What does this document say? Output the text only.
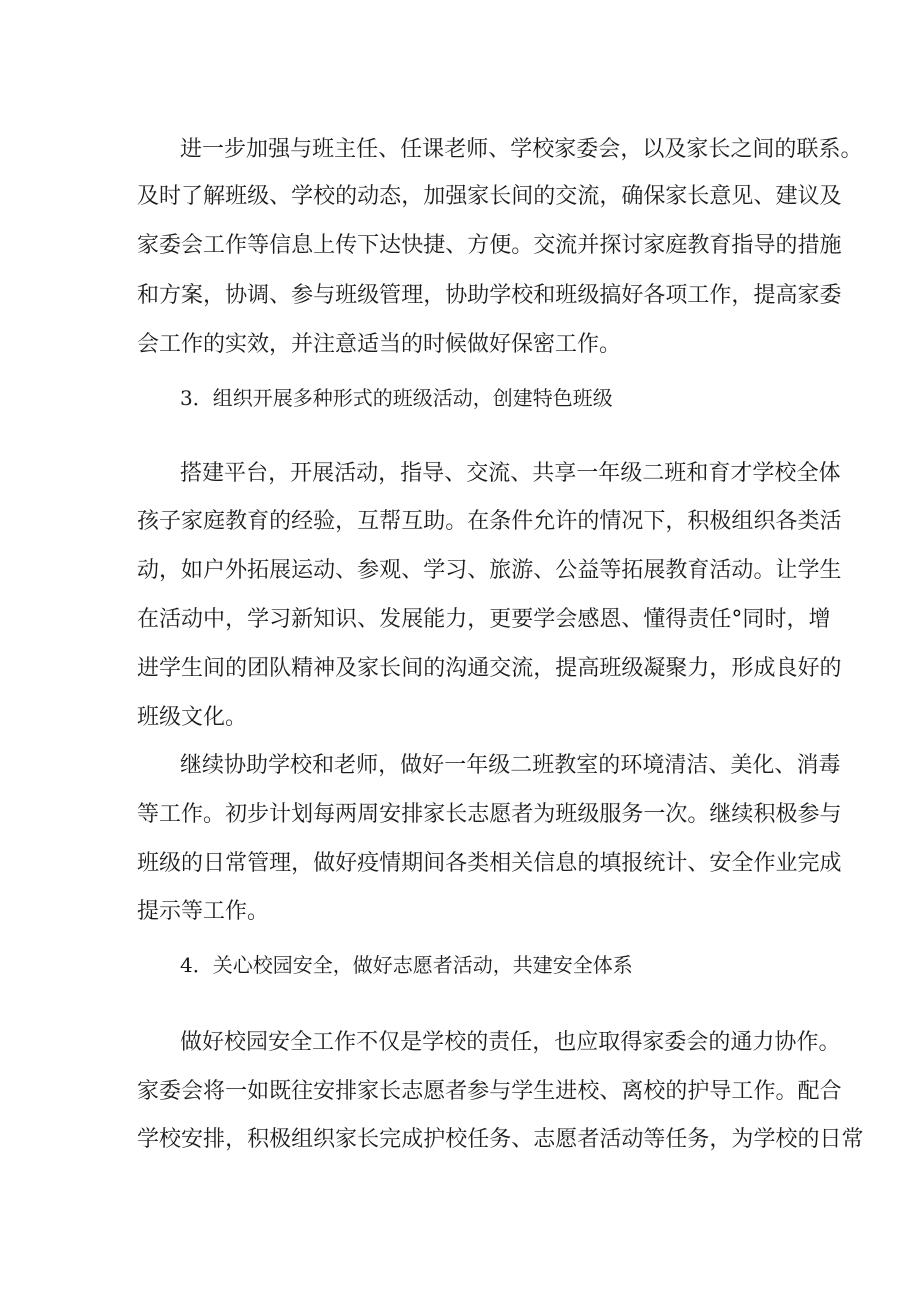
进 一 步 加 强 与 班 主 任 、 任 课 老 师 、 学 校 家 委 会 ， 以 及 家 长 之 间 的 联 系 。
及 时 了 解 班 级 、 学 校 的 动 态 ， 加 强 家 长 间 的 交 流 ， 确 保 家 长 意 见 、 建 议 及
家 委 会 工 作 等 信 息 上 传 下 达 快 捷 、 方 便 。 交 流 并 探 讨 家 庭 教 育 指 导 的 措 施
和 方 案 ， 协 调 、 参 与 班 级 管 理 ， 协 助 学 校 和 班 级 搞 好 各 项 工 作 ， 提 高 家 委
会工作的实效，并注意适当的时候做好保密工作。
3．组织开展多种形式的班级活动，创建特色班级
搭 建 平 台 ， 开 展 活 动 ， 指 导 、 交 流 、 共 享 一 年 级 二 班 和 育 才 学 校 全 体
孩 子 家 庭 教 育 的 经 验 ， 互 帮 互 助 。 在 条 件 允 许 的 情 况 下 ， 积 极 组 织 各 类 活
动 ， 如 户 外 拓 展 运 动 、 参 观 、 学 习 、 旅 游 、 公 益 等 拓 展 教 育 活 动 。 让 学 生
在 活 动 中 ， 学 习 新 知 识 、 发 展 能 力 ， 更 要 学 会 感 恩 、 懂 得 责 任 ° 同 时 ， 增
进 学 生 间 的 团 队 精 神 及 家 长 间 的 沟 通 交 流 ， 提 高 班 级 凝 聚 力 ， 形 成 良 好 的
班级文化。
继 续 协 助 学 校 和 老 师 ， 做 好 一 年 级 二 班 教 室 的 环 境 清 洁 、 美 化 、 消 毒
等 工 作 。 初 步 计 划 每 两 周 安 排 家 长 志 愿 者 为 班 级 服 务 一 次 。 继 续 积 极 参 与
班 级 的 日 常 管 理 ， 做 好 疫 情 期 间 各 类 相 关 信 息 的 填 报 统 计 、 安 全 作 业 完 成
提示等工作。
4．关心校园安全，做好志愿者活动，共建安全体系
做 好 校 园 安 全 工 作 不 仅 是 学 校 的 责 任 ， 也 应 取 得 家 委 会 的 通 力 协 作 。
家 委 会 将 一 如 既 往 安 排 家 长 志 愿 者 参 与 学 生 进 校 、 离 校 的 护 导 工 作 。 配 合
学 校 安 排 ， 积 极 组 织 家 长 完 成 护 校 任 务 、 志 愿 者 活 动 等 任 务 ， 为 学 校 的 日 常
